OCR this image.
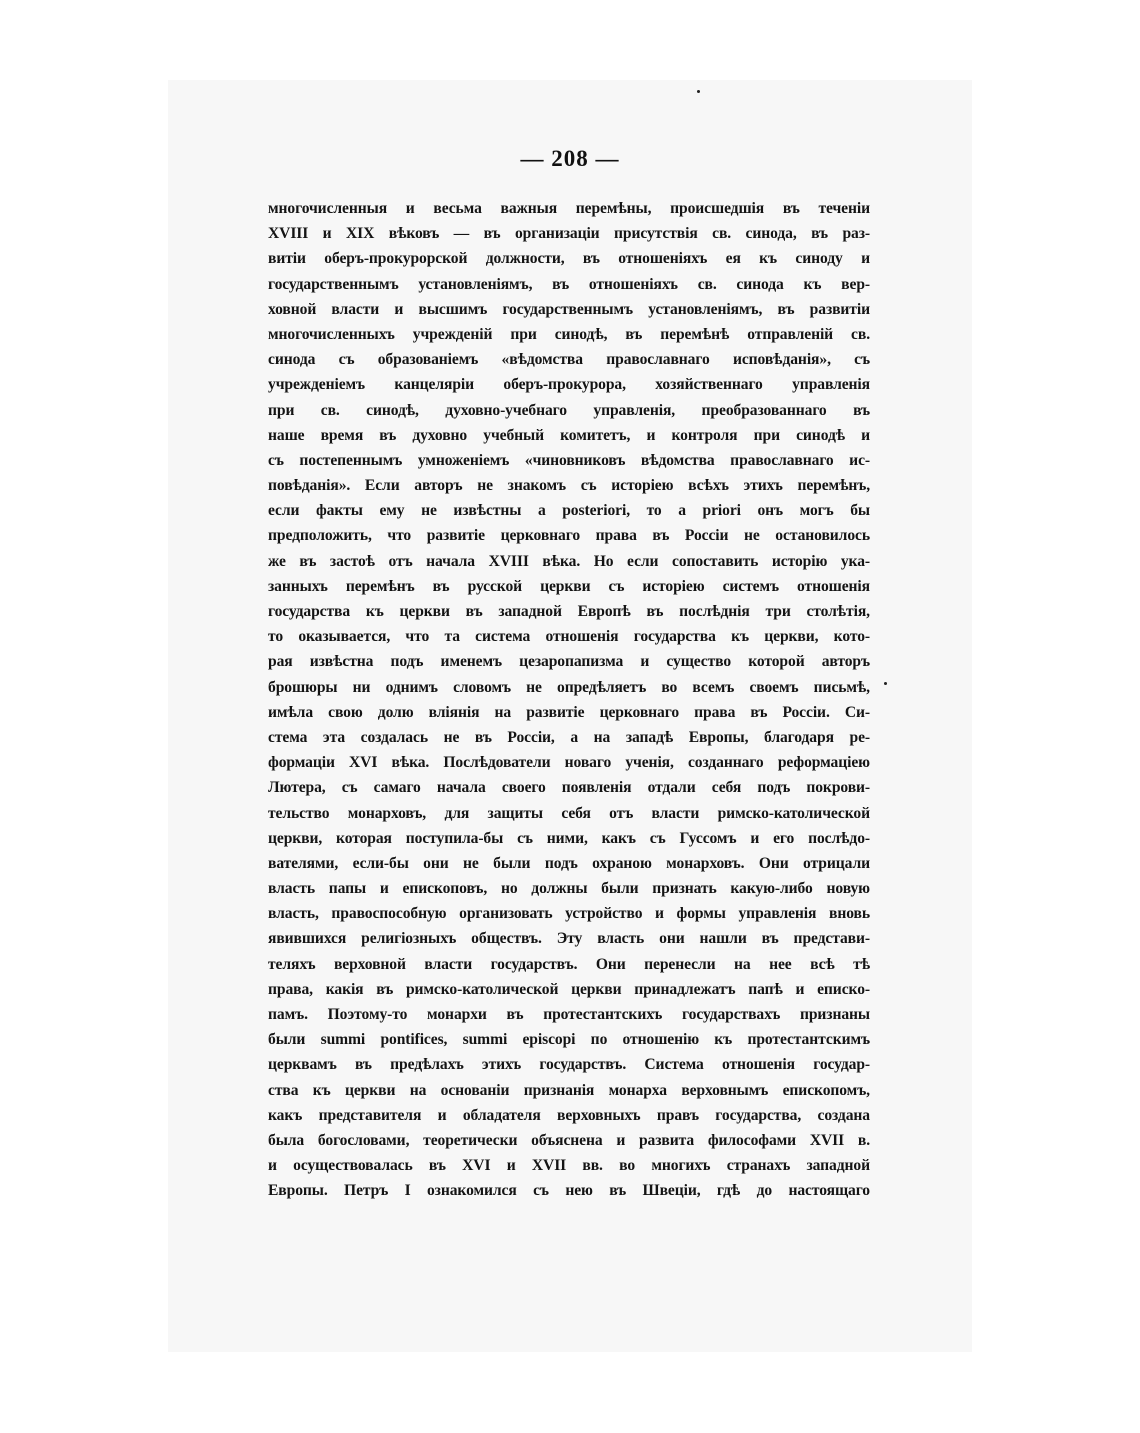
— 208 —
многочисленныя и весьма важныя перемѣны, происшедшія въ теченіи
XVIII и XIX вѣковъ — въ организаціи присутствія св. синода, въ раз-
витіи оберъ-прокурорской должности, въ отношеніяхъ ея къ синоду и
государственнымъ установленіямъ, въ отношеніяхъ св. синода къ вер-
ховной власти и высшимъ государственнымъ установленіямъ, въ развитіи
многочисленныхъ учрежденій при синодѣ, въ перемѣнѣ отправленій св.
синода съ образованіемъ «вѣдомства православнаго исповѣданія», съ
учрежденіемъ канцеляріи оберъ-прокурора, хозяйственнаго управленія
при св. синодѣ, духовно-учебнаго управленія, преобразованнаго въ
наше время въ духовно учебный комитетъ, и контроля при синодѣ и
съ постепеннымъ умноженіемъ «чиновниковъ вѣдомства православнаго ис-
повѣданія». Если авторъ не знакомъ съ исторіею всѣхъ этихъ перемѣнъ,
если факты ему не извѣстны a posteriori, то a priori онъ могъ бы
предположить, что развитіе церковнаго права въ Россіи не остановилось
же въ застоѣ отъ начала XVIII вѣка. Но если сопоставить исторію ука-
занныхъ перемѣнъ въ русской церкви съ исторіею системъ отношенія
государства къ церкви въ западной Европѣ въ послѣднія три столѣтія,
то оказывается, что та система отношенія государства къ церкви, кото-
рая извѣстна подъ именемъ цезаропапизма и существо которой авторъ
брошюры ни однимъ словомъ не опредѣляетъ во всемъ своемъ письмѣ,
имѣла свою долю вліянія на развитіе церковнаго права въ Россіи. Си-
стема эта создалась не въ Россіи, а на западѣ Европы, благодаря ре-
формаціи XVI вѣка. Послѣдователи новаго ученія, созданнаго реформаціею
Лютера, съ самаго начала своего появленія отдали себя подъ покрови-
тельство монарховъ, для защиты себя отъ власти римско-католической
церкви, которая поступила-бы съ ними, какъ съ Гуссомъ и его послѣдо-
вателями, если-бы они не были подъ охраною монарховъ. Они отрицали
власть папы и епископовъ, но должны были признать какую-либо новую
власть, правоспособную организовать устройство и формы управленія вновь
явившихся религіозныхъ обществъ. Эту власть они нашли въ представи-
теляхъ верховной власти государствъ. Они перенесли на нее всѣ тѣ
права, какія въ римско-католической церкви принадлежатъ папѣ и еписко-
памъ. Поэтому-то монархи въ протестантскихъ государствахъ признаны
были summi pontifices, summi episcopi по отношенію къ протестантскимъ
церквамъ въ предѣлахъ этихъ государствъ. Система отношенія государ-
ства къ церкви на основаніи признанія монарха верховнымъ епископомъ,
какъ представителя и обладателя верховныхъ правъ государства, создана
была богословами, теоретически объяснена и развита философами XVII в.
и осуществовалась въ XVI и XVII вв. во многихъ странахъ западной
Европы. Петръ I ознакомился съ нею въ Швеціи, гдѣ до настоящаго
